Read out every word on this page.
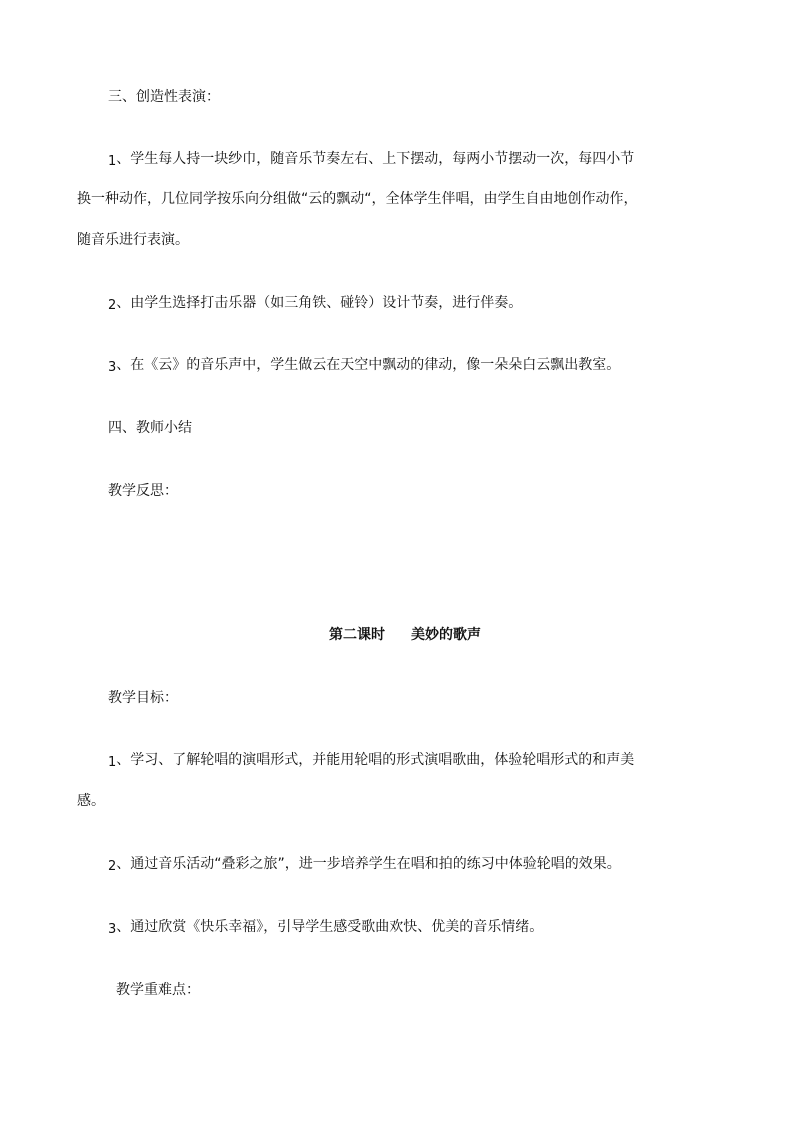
三、创造性表演：
1、学生每人持一块纱巾，随音乐节奏左右、上下摆动，每两小节摆动一次，每四小节
换一种动作，几位同学按乐向分组做“云的飘动“，全体学生伴唱，由学生自由地创作动作，
随音乐进行表演。
2、由学生选择打击乐器（如三角铁、碰铃）设计节奏，进行伴奏。
3、在《云》的音乐声中，学生做云在天空中飘动的律动，像一朵朵白云飘出教室。
四、教师小结
教学反思：
第二课时 美妙的歌声
教学目标：
1、学习、了解轮唱的演唱形式，并能用轮唱的形式演唱歌曲，体验轮唱形式的和声美
感。
2、通过音乐活动“叠彩之旅”，进一步培养学生在唱和拍的练习中体验轮唱的效果。
3、通过欣赏《快乐幸福》，引导学生感受歌曲欢快、优美的音乐情绪。
教学重难点：
